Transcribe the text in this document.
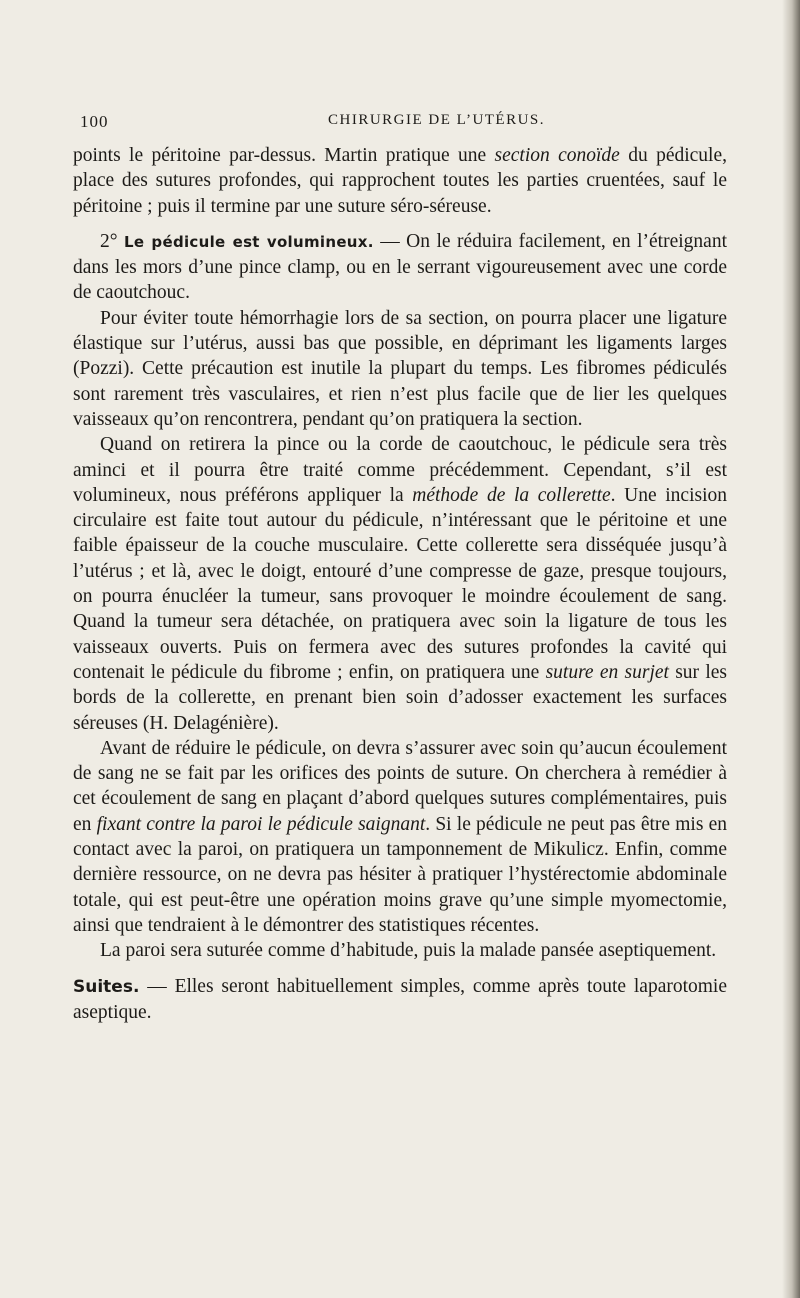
100	CHIRURGIE DE L’UTÉRUS.

points le péritoine par-dessus. Martin pratique une section conoïde du pédicule, place des sutures profondes, qui rapprochent toutes les parties cruentées, sauf le péritoine ; puis il termine par une suture séro-séreuse.

2° Le pédicule est volumineux. — On le réduira facilement, en l’étreignant dans les mors d’une pince clamp, ou en le serrant vigoureusement avec une corde de caoutchouc.

Pour éviter toute hémorrhagie lors de sa section, on pourra placer une ligature élastique sur l’utérus, aussi bas que possible, en déprimant les ligaments larges (Pozzi). Cette précaution est inutile la plupart du temps. Les fibromes pédiculés sont rarement très vasculaires, et rien n’est plus facile que de lier les quelques vaisseaux qu’on rencontrera, pendant qu’on pratiquera la section.

Quand on retirera la pince ou la corde de caoutchouc, le pédicule sera très aminci et il pourra être traité comme précédemment. Cependant, s’il est volumineux, nous préférons appliquer la méthode de la collerette. Une incision circulaire est faite tout autour du pédicule, n’intéressant que le péritoine et une faible épaisseur de la couche musculaire. Cette collerette sera disséquée jusqu’à l’utérus ; et là, avec le doigt, entouré d’une compresse de gaze, presque toujours, on pourra énucléer la tumeur, sans provoquer le moindre écoulement de sang. Quand la tumeur sera détachée, on pratiquera avec soin la ligature de tous les vaisseaux ouverts. Puis on fermera avec des sutures profondes la cavité qui contenait le pédicule du fibrome ; enfin, on pratiquera une suture en surjet sur les bords de la collerette, en prenant bien soin d’adosser exactement les surfaces séreuses (H. Delagénière).

Avant de réduire le pédicule, on devra s’assurer avec soin qu’aucun écoulement de sang ne se fait par les orifices des points de suture. On cherchera à remédier à cet écoulement de sang en plaçant d’abord quelques sutures complémentaires, puis en fixant contre la paroi le pédicule saignant. Si le pédicule ne peut pas être mis en contact avec la paroi, on pratiquera un tamponnement de Mikulicz. Enfin, comme dernière ressource, on ne devra pas hésiter à pratiquer l’hystérectomie abdominale totale, qui est peut-être une opération moins grave qu’une simple myomectomie, ainsi que tendraient à le démontrer des statistiques récentes.

La paroi sera suturée comme d’habitude, puis la malade pansée aseptiquement.

Suites. — Elles seront habituellement simples, comme après toute laparotomie aseptique.
